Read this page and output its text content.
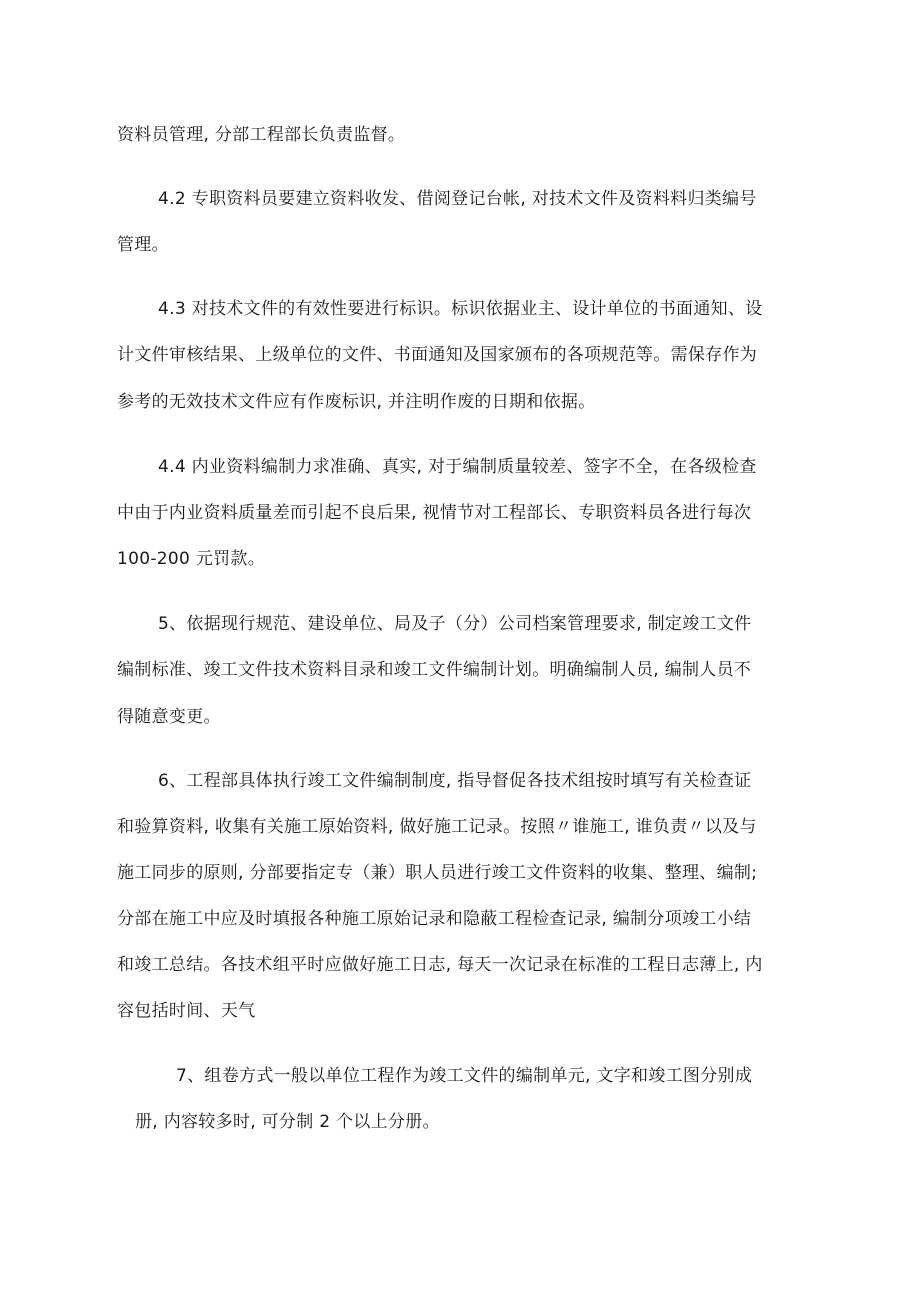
资料员管理, 分部工程部长负责监督。
4.2 专职资料员要建立资料收发、借阅登记台帐, 对技术文件及资料料归类编号
管理。
4.3 对技术文件的有效性要进行标识。标识依据业主、设计单位的书面通知、设
计文件审核结果、上级单位的文件、书面通知及国家颁布的各项规范等。需保存作为
参考的无效技术文件应有作废标识, 并注明作废的日期和依据。
4.4 内业资料编制力求准确、真实, 对于编制质量较差、签字不全，在各级检查
中由于内业资料质量差而引起不良后果, 视情节对工程部长、专职资料员各进行每次
100-200 元罚款。
5、依据现行规范、建设单位、局及子（分）公司档案管理要求, 制定竣工文件
编制标准、竣工文件技术资料目录和竣工文件编制计划。明确编制人员, 编制人员不
得随意变更。
6、工程部具体执行竣工文件编制制度, 指导督促各技术组按时填写有关检查证
和验算资料, 收集有关施工原始资料, 做好施工记录。按照〃谁施工, 谁负责〃以及与
施工同步的原则, 分部要指定专（兼）职人员进行竣工文件资料的收集、整理、编制;
分部在施工中应及时填报各种施工原始记录和隐蔽工程检查记录, 编制分项竣工小结
和竣工总结。各技术组平时应做好施工日志, 每天一次记录在标准的工程日志薄上, 内
容包括时间、天气
7、组卷方式一般以单位工程作为竣工文件的编制单元, 文字和竣工图分别成
册, 内容较多时, 可分制 2 个以上分册。
